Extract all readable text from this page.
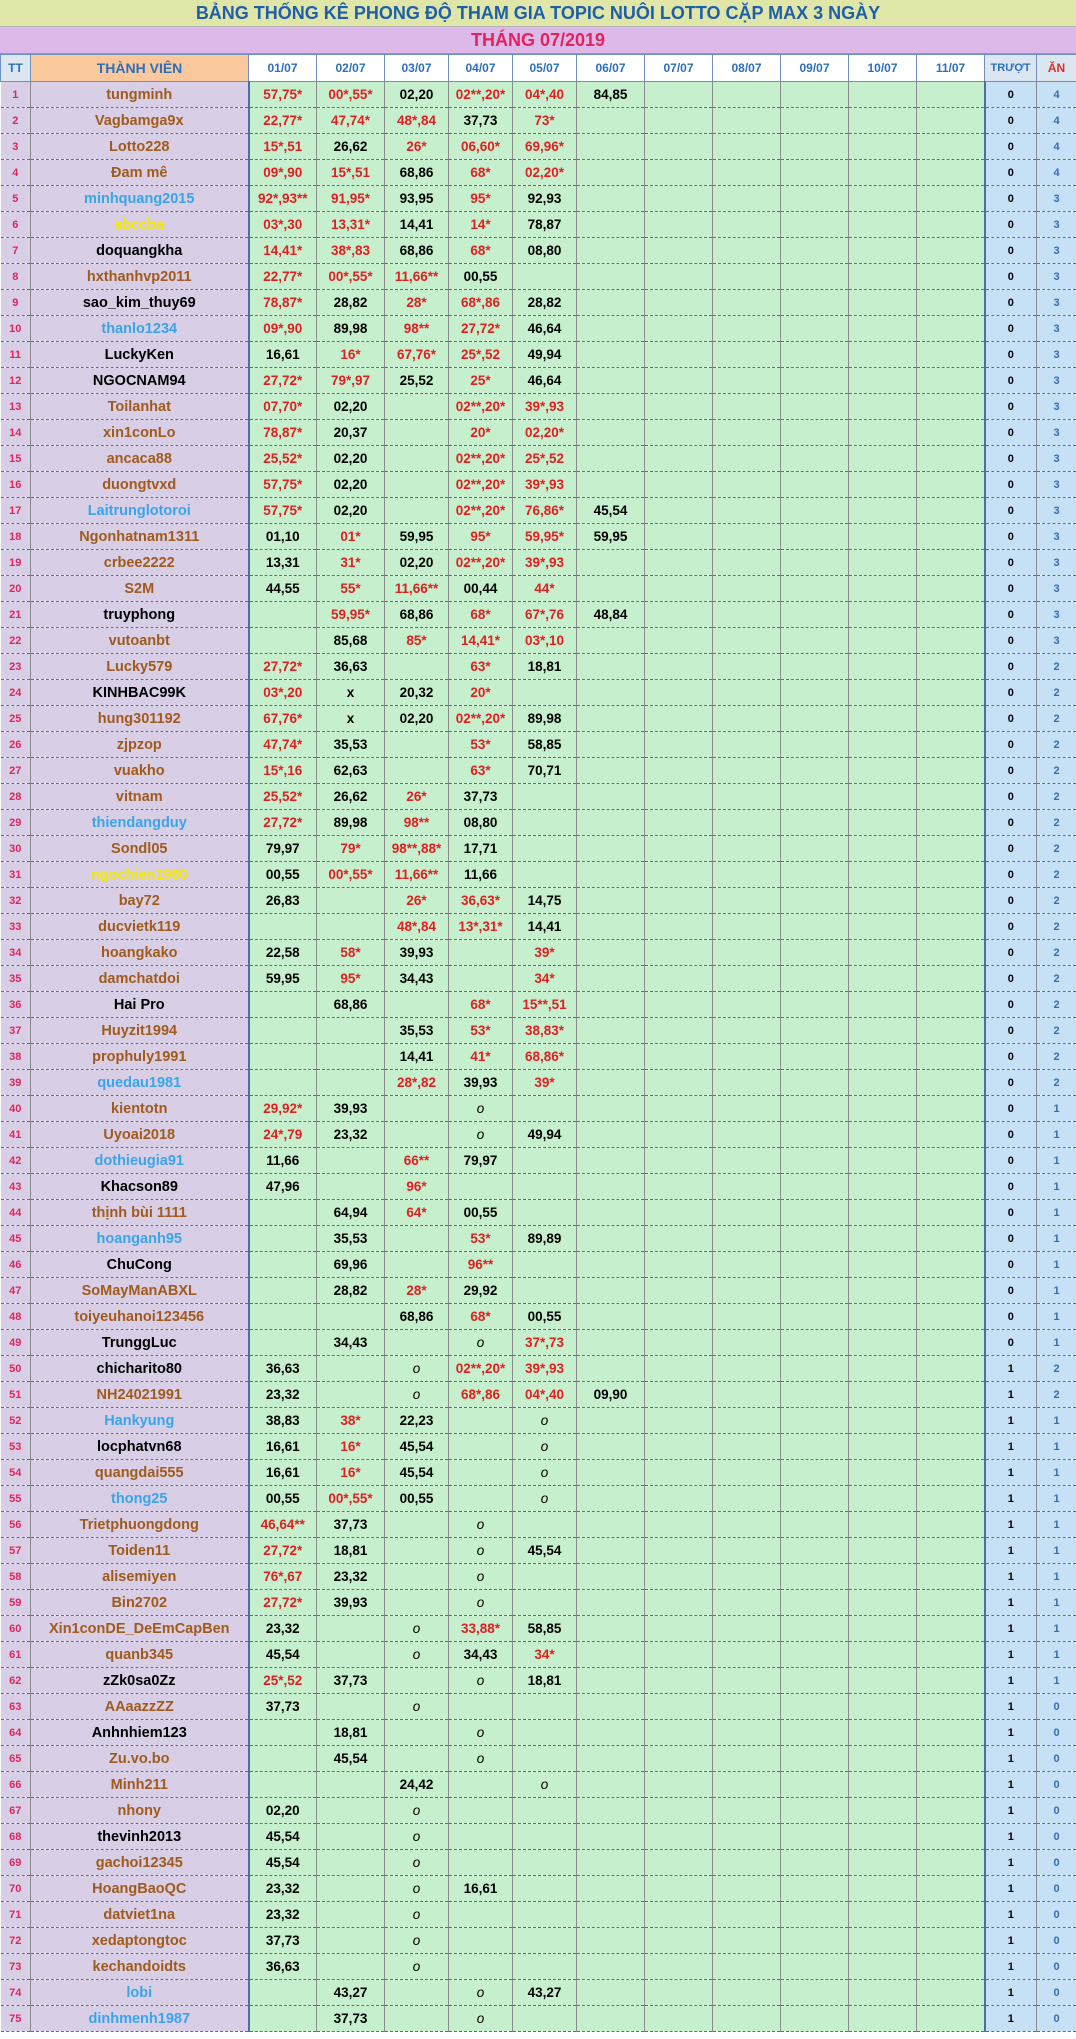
BẢNG THỐNG KÊ PHONG ĐỘ THAM GIA TOPIC NUÔI LOTTO CẶP MAX 3 NGÀY
THÁNG 07/2019
TT	THÀNH VIÊN	01/07	02/07	03/07	04/07	05/07	06/07	07/07	08/07	09/07	10/07	11/07	TRƯỢT	ĂN
1	tungminh	57,75*	00*,55*	02,20	02**,20*	04*,40	84,85						0	4
2	Vagbamga9x	22,77*	47,74*	48*,84	37,73	73*							0	4
3	Lotto228	15*,51	26,62	26*	06,60*	69,96*							0	4
4	Đam mê	09*,90	15*,51	68,86	68*	02,20*							0	4
5	minhquang2015	92*,93**	91,95*	93,95	95*	92,93							0	3
6	abccba	03*,30	13,31*	14,41	14*	78,87							0	3
7	doquangkha	14,41*	38*,83	68,86	68*	08,80							0	3
8	hxthanhvp2011	22,77*	00*,55*	11,66**	00,55								0	3
9	sao_kim_thuy69	78,87*	28,82	28*	68*,86	28,82							0	3
10	thanlo1234	09*,90	89,98	98**	27,72*	46,64							0	3
11	LuckyKen	16,61	16*	67,76*	25*,52	49,94							0	3
12	NGOCNAM94	27,72*	79*,97	25,52	25*	46,64							0	3
13	Toilanhat	07,70*	02,20		02**,20*	39*,93							0	3
14	xin1conLo	78,87*	20,37		20*	02,20*							0	3
15	ancaca88	25,52*	02,20		02**,20*	25*,52							0	3
16	duongtvxd	57,75*	02,20		02**,20*	39*,93							0	3
17	Laitrunglotoroi	57,75*	02,20		02**,20*	76,86*	45,54						0	3
18	Ngonhatnam1311	01,10	01*	59,95	95*	59,95*	59,95						0	3
19	crbee2222	13,31	31*	02,20	02**,20*	39*,93							0	3
20	S2M	44,55	55*	11,66**	00,44	44*							0	3
21	truyphong		59,95*	68,86	68*	67*,76	48,84						0	3
22	vutoanbt		85,68	85*	14,41*	03*,10							0	3
23	Lucky579	27,72*	36,63		63*	18,81							0	2
24	KINHBAC99K	03*,20	x	20,32	20*								0	2
25	hung301192	67,76*	x	02,20	02**,20*	89,98							0	2
26	zjpzop	47,74*	35,53		53*	58,85							0	2
27	vuakho	15*,16	62,63		63*	70,71							0	2
28	vitnam	25,52*	26,62	26*	37,73								0	2
29	thiendangduy	27,72*	89,98	98**	08,80								0	2
30	Sondl05	79,97	79*	98**,88*	17,71								0	2
31	ngochien1980	00,55	00*,55*	11,66**	11,66								0	2
32	bay72	26,83		26*	36,63*	14,75							0	2
33	ducvietk119			48*,84	13*,31*	14,41							0	2
34	hoangkako	22,58	58*	39,93		39*							0	2
35	damchatdoi	59,95	95*	34,43		34*							0	2
36	Hai Pro		68,86		68*	15**,51							0	2
37	Huyzit1994			35,53	53*	38,83*							0	2
38	prophuly1991			14,41	41*	68,86*							0	2
39	quedau1981			28*,82	39,93	39*							0	2
40	kientotn	29,92*	39,93		o								0	1
41	Uyoai2018	24*,79	23,32		o	49,94							0	1
42	dothieugia91	11,66		66**	79,97								0	1
43	Khacson89	47,96		96*									0	1
44	thịnh bùi 1111		64,94	64*	00,55								0	1
45	hoanganh95		35,53		53*	89,89							0	1
46	ChuCong		69,96		96**								0	1
47	SoMayManABXL		28,82	28*	29,92								0	1
48	toiyeuhanoi123456			68,86	68*	00,55							0	1
49	TrunggLuc		34,43		o	37*,73							0	1
50	chicharito80	36,63		o	02**,20*	39*,93							1	2
51	NH24021991	23,32		o	68*,86	04*,40	09,90						1	2
52	Hankyung	38,83	38*	22,23		o							1	1
53	locphatvn68	16,61	16*	45,54		o							1	1
54	quangdai555	16,61	16*	45,54		o							1	1
55	thong25	00,55	00*,55*	00,55		o							1	1
56	Trietphuongdong	46,64**	37,73		o								1	1
57	Toiden11	27,72*	18,81		o	45,54							1	1
58	alisemiyen	76*,67	23,32		o								1	1
59	Bin2702	27,72*	39,93		o								1	1
60	Xin1conDE_DeEmCapBen	23,32		o	33,88*	58,85							1	1
61	quanb345	45,54		o	34,43	34*							1	1
62	zZk0sa0Zz	25*,52	37,73		o	18,81							1	1
63	AAaazzZZ	37,73		o									1	0
64	Anhnhiem123		18,81		o								1	0
65	Zu.vo.bo		45,54		o								1	0
66	Minh211			24,42		o							1	0
67	nhony	02,20		o									1	0
68	thevinh2013	45,54		o									1	0
69	gachoi12345	45,54		o									1	0
70	HoangBaoQC	23,32		o	16,61								1	0
71	datviet1na	23,32		o									1	0
72	xedaptongtoc	37,73		o									1	0
73	kechandoidts	36,63		o									1	0
74	lobi		43,27		o	43,27							1	0
75	dinhmenh1987		37,73		o								1	0
